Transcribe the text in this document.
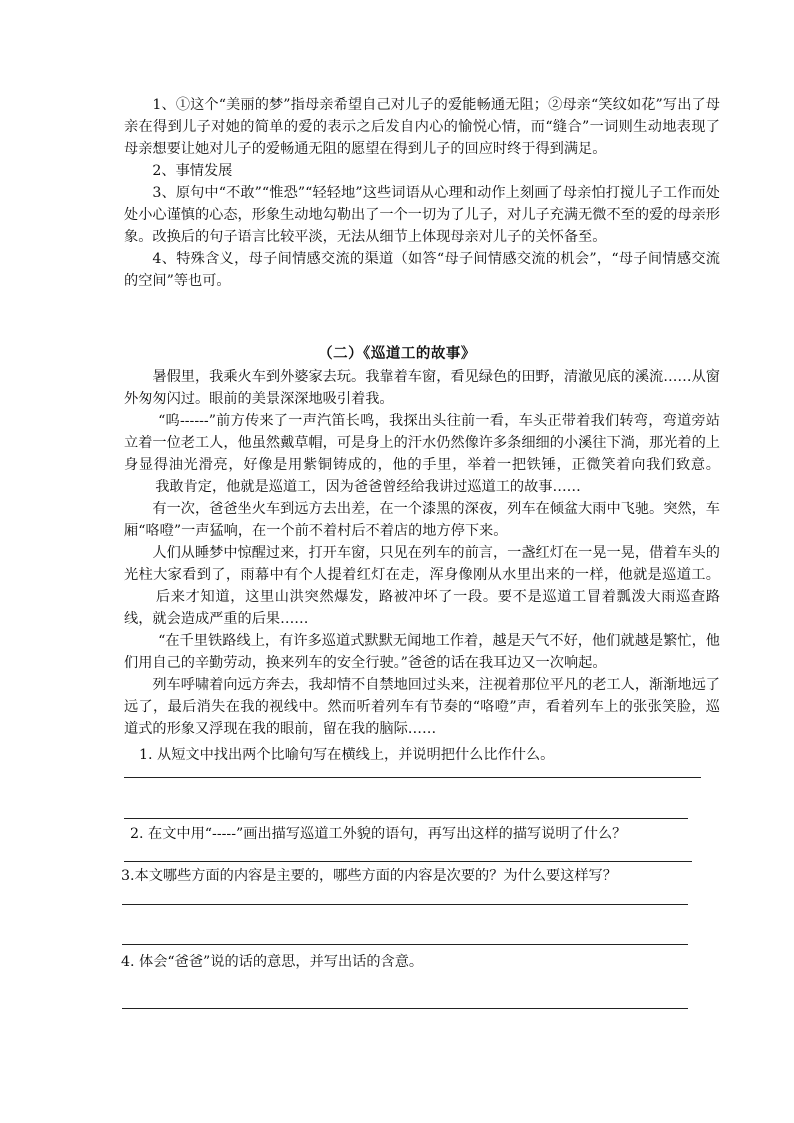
1、①这个“美丽的梦”指母亲希望自己对儿子的爱能畅通无阻；②母亲“笑纹如花”写出了母亲在得到儿子对她的简单的爱的表示之后发自内心的愉悦心情，而“缝合”一词则生动地表现了母亲想要让她对儿子的爱畅通无阻的愿望在得到儿子的回应时终于得到满足。

2、事情发展

3、原句中“不敢”“惟恐”“轻轻地”这些词语从心理和动作上刻画了母亲怕打搅儿子工作而处处小心谨慎的心态，形象生动地勾勒出了一个一切为了儿子，对儿子充满无微不至的爱的母亲形象。改换后的句子语言比较平淡，无法从细节上体现母亲对儿子的关怀备至。

4、特殊含义，母子间情感交流的渠道（如答“母子间情感交流的机会”，“母子间情感交流的空间”等也可。

（二）《巡道工的故事》

暑假里，我乘火车到外婆家去玩。我靠着车窗，看见绿色的田野，清澈见底的溪流……从窗外匆匆闪过。眼前的美景深深地吸引着我。

“呜------”前方传来了一声汽笛长鸣，我探出头往前一看，车头正带着我们转弯，弯道旁站立着一位老工人，他虽然戴草帽，可是身上的汗水仍然像许多条细细的小溪往下淌，那光着的上身显得油光滑亮，好像是用紫铜铸成的，他的手里，举着一把铁锤，正微笑着向我们致意。我敢肯定，他就是巡道工，因为爸爸曾经给我讲过巡道工的故事……

有一次，爸爸坐火车到远方去出差，在一个漆黑的深夜，列车在倾盆大雨中飞驰。突然，车厢“咯噔”一声猛响，在一个前不着村后不着店的地方停下来。

人们从睡梦中惊醒过来，打开车窗，只见在列车的前言，一盏红灯在一晃一晃，借着车头的光柱大家看到了，雨幕中有个人提着红灯在走，浑身像刚从水里出来的一样，他就是巡道工。后来才知道，这里山洪突然爆发，路被冲坏了一段。要不是巡道工冒着瓢泼大雨巡查路线，就会造成严重的后果……

“在千里铁路线上，有许多巡道式默默无闻地工作着，越是天气不好，他们就越是繁忙，他们用自己的辛勤劳动，换来列车的安全行驶。”爸爸的话在我耳边又一次响起。

列车呼啸着向远方奔去，我却情不自禁地回过头来，注视着那位平凡的老工人，渐渐地远了远了，最后消失在我的视线中。然而听着列车有节奏的“咯噔”声，看着列车上的张张笑脸，巡道式的形象又浮现在我的眼前，留在我的脑际……

1. 从短文中找出两个比喻句写在横线上，并说明把什么比作什么。
2. 在文中用“-----”画出描写巡道工外貌的语句，再写出这样的描写说明了什么？
3.本文哪些方面的内容是主要的，哪些方面的内容是次要的？为什么要这样写？
4. 体会“爸爸”说的话的意思，并写出话的含意。
